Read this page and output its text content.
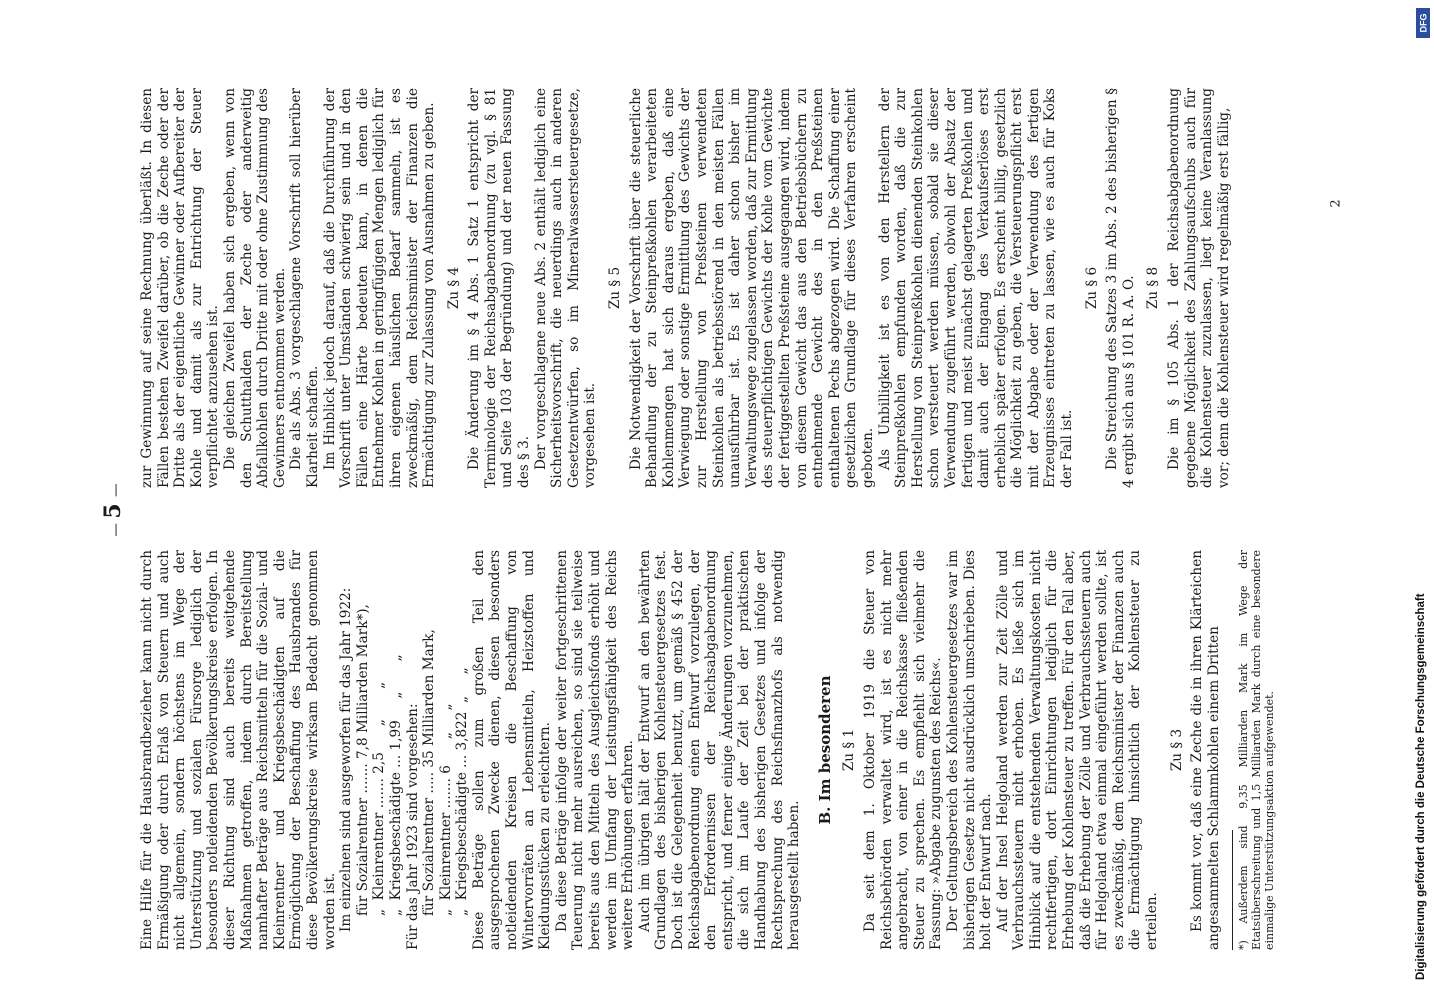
— 5 —

Eine Hilfe für die Hausbrandbezieher kann nicht durch Ermäßigung oder durch Erlaß von Steuern und auch nicht allgemein, sondern höchstens im Wege der Unterstützung und sozialen Fürsorge lediglich der besonders notleidenden Bevölkerungskreise erfolgen. In dieser Richtung sind auch bereits weitgehende Maßnahmen getroffen, indem durch Bereitstellung namhafter Beträge aus Reichsmitteln für die Sozial- und Kleinrentner und Kriegsbeschädigten auf die Ermöglichung der Beschaffung des Hausbrandes für diese Bevölkerungskreise wirksam Bedacht genommen worden ist. Im einzelnen sind ausgeworfen für das Jahr 1922: für Sozialrentner ....... 7,8 Milliarden Mark*), „  Kleinrentner ....... 2,5      „       „ „  Kriegsbeschädigte ... 1,99     „       „ Für das Jahr 1923 sind vorgesehen: für Sozialrentner ..... 35 Milliarden Mark, „  Kleinrentner ....... 6      „     „ „  Kriegsbeschädigte ... 3,822  „     „ Diese Beträge sollen zum großen Teil den ausgesprochenen Zwecke dienen, diesen besonders notleidenden Kreisen die Beschaffung von Wintervorräten an Lebensmitteln, Heizstoffen und Kleidungsstücken zu erleichtern. Da diese Beträge infolge der weiter fortgeschrittenen Teuerung nicht mehr ausreichen, so sind sie teilweise bereits aus den Mitteln des Ausgleichsfonds erhöht und werden im Umfang der Leistungsfähigkeit des Reichs weitere Erhöhungen erfahren. Auch im übrigen hält der Entwurf an den bewährten Grundlagen des bisherigen Kohlensteuergesetzes fest. Doch ist die Gelegenheit benutzt, um gemäß § 452 der Reichsabgabenordnung einen Entwurf vorzulegen, der den Erfordernissen der Reichsabgabenordnung entspricht, und ferner einige Änderungen vorzunehmen, die sich im Laufe der Zeit bei der praktischen Handhabung des bisherigen Gesetzes und infolge der Rechtsprechung des Reichsfinanzhofs als notwendig herausgestellt haben.

B. Im besonderen Zu § 1 Da seit dem 1. Oktober 1919 die Steuer von Reichsbehörden verwaltet wird, ist es nicht mehr angebracht, von einer in die Reichskasse fließenden Steuer zu sprechen. Es empfiehlt sich vielmehr die Fassung: »Abgabe zugunsten des Reichs«. Der Geltungsbereich des Kohlensteuergesetzes war im bisherigen Gesetze nicht ausdrücklich umschrieben. Dies holt der Entwurf nach. Auf der Insel Helgoland werden zur Zeit Zölle und Verbrauchssteuern nicht erhoben. Es ließe sich im Hinblick auf die entstehenden Verwaltungskosten nicht rechtfertigen, dort Einrichtungen lediglich für die Erhebung der Kohlensteuer zu treffen. Für den Fall aber, daß die Erhebung der Zölle und Verbrauchssteuern auch für Helgoland etwa einmal eingeführt werden sollte, ist es zweckmäßig, dem Reichsminister der Finanzen auch die Ermächtigung hinsichtlich der Kohlensteuer zu erteilen.

Zu § 3 Es kommt vor, daß eine Zeche die in ihren Klärteichen angesammelten Schlammkohlen einem Dritten *) Außerdem sind 9,35 Milliarden Mark im Wege der Etatsüberschreitung und 1,5 Milliarden Mark durch eine besondere einmalige Unterstützungsaktion aufgewendet.

zur Gewinnung auf seine Rechnung überläßt. In diesen Fällen bestehen Zweifel darüber, ob die Zeche oder der Dritte als der eigentliche Gewinner oder Aufbereiter der Kohle und damit als zur Entrichtung der Steuer verpflichtet anzusehen ist. Die gleichen Zweifel haben sich ergeben, wenn von den Schutthalden der Zeche oder anderweitig Abfallkohlen durch Dritte mit oder ohne Zustimmung des Gewinners entnommen werden. Die als Abs. 3 vorgeschlagene Vorschrift soll hierüber Klarheit schaffen. Im Hinblick jedoch darauf, daß die Durchführung der Vorschrift unter Umständen schwierig sein und in den Fällen eine Härte bedeuten kann, in denen die Entnehmer Kohlen in geringfügigen Mengen lediglich für ihren eigenen häuslichen Bedarf sammeln, ist es zweckmäßig, dem Reichsminister der Finanzen die Ermächtigung zur Zulassung von Ausnahmen zu geben. Zu § 4 Die Änderung im § 4 Abs. 1 Satz 1 entspricht der Terminologie der Reichsabgabenordnung (zu vgl. § 81 und Seite 103 der Begründung) und der neuen Fassung des § 3. Der vorgeschlagene neue Abs. 2 enthält lediglich eine Sicherheitsvorschrift, die neuerdings auch in anderen Gesetzentwürfen, so im Mineralwassersteuergesetze, vorgesehen ist.

Zu § 5 Die Notwendigkeit der Vorschrift über die steuerliche Behandlung der zu Steinpreßkohlen verarbeiteten Kohlenmengen hat sich daraus ergeben, daß eine Verwiegung oder sonstige Ermittlung des Gewichts der zur Herstellung von Preßsteinen verwendeten Steinkohlen als betriebsstörend in den meisten Fällen unausführbar ist. Es ist daher schon bisher im Verwaltungswege zugelassen worden, daß zur Ermittlung des steuerpflichtigen Gewichts der Kohle vom Gewichte der fertiggestellten Preßsteine ausgegangen wird, indem von diesem Gewicht das aus den Betriebsbüchern zu entnehmende Gewicht des in den Preßsteinen enthaltenen Pechs abgezogen wird. Die Schaffung einer gesetzlichen Grundlage für dieses Verfahren erscheint geboten. Als Unbilligkeit ist es von den Herstellern der Steinpreßkohlen empfunden worden, daß die zur Herstellung von Steinpreßkohlen dienenden Steinkohlen schon versteuert werden müssen, sobald sie dieser Verwendung zugeführt werden, obwohl der Absatz der fertigen und meist zunächst gelagerten Preßkohlen und damit auch der Eingang des Verkaufserlöses erst erheblich später erfolgen. Es erscheint billig, gesetzlich die Möglichkeit zu geben, die Versteuerungspflicht erst mit der Abgabe oder der Verwendung des fertigen Erzeugnisses eintreten zu lassen, wie es auch für Koks der Fall ist.

Zu § 6 Die Streichung des Satzes 3 im Abs. 2 des bisherigen § 4 ergibt sich aus § 101 R. A. O. Zu § 8 Die im § 105 Abs. 1 der Reichsabgabenordnung gegebene Möglichkeit des Zahlungsaufschubs auch für die Kohlensteuer zuzulassen, liegt keine Veranlassung vor; denn die Kohlensteuer wird regelmäßig erst fällig,	2
DFG
Digitalisierung gefördert durch die Deutsche Forschungsgemeinschaft
